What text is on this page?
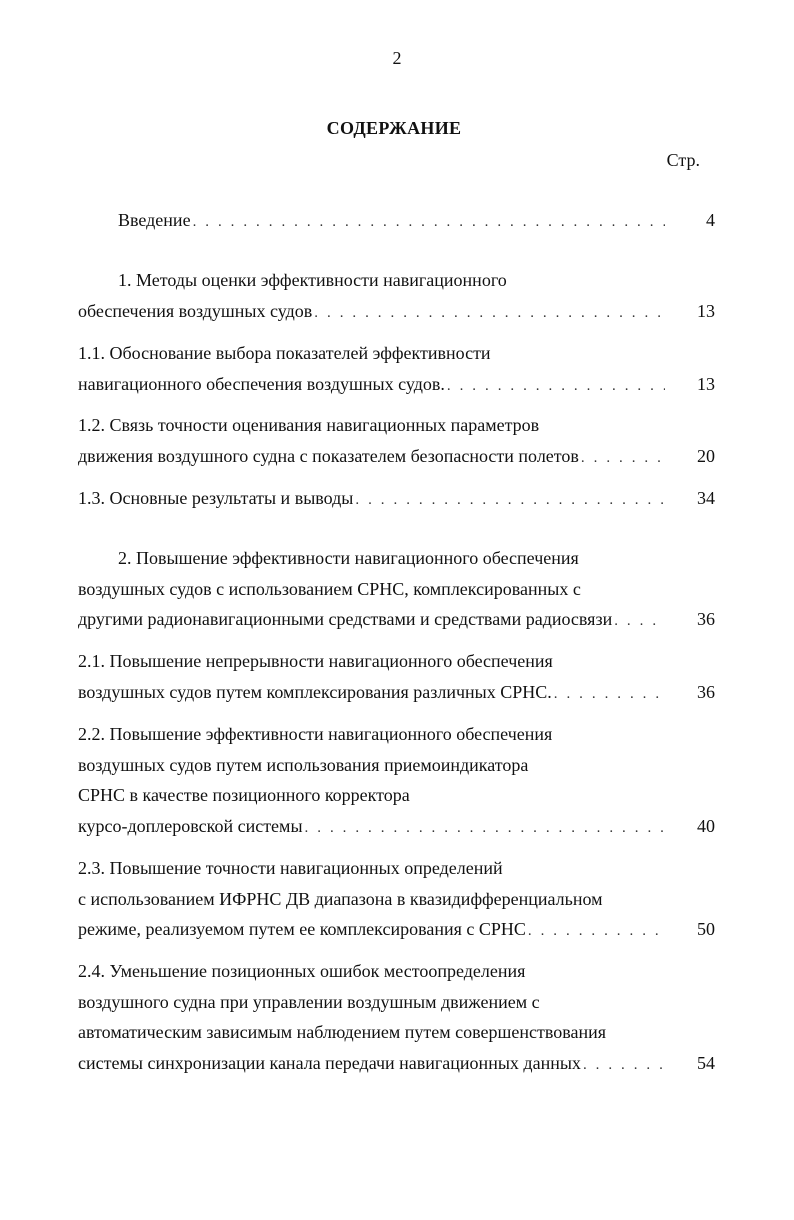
2
СОДЕРЖАНИЕ
Стр.
Введение . . .	4
1. Методы оценки эффективности навигационного
обеспечения воздушных судов . . .	13
1.1. Обоснование выбора показателей эффективности
навигационного обеспечения воздушных судов. . . .	13
1.2. Связь точности оценивания навигационных параметров
движения воздушного судна с показателем безопасности полетов . . .	20
1.3. Основные результаты и выводы . . .	34
2. Повышение эффективности навигационного обеспечения
воздушных судов с использованием СРНС, комплексированных с
другими радионавигационными средствами и средствами радиосвязи . . .	36
2.1. Повышение непрерывности навигационного обеспечения
воздушных судов путем комплексирования различных СРНС. . . .	36
2.2. Повышение эффективности навигационного обеспечения
воздушных судов путем использования приемоиндикатора
СРНС в качестве позиционного корректора
курсо-доплеровской системы . . .	40
2.3. Повышение точности навигационных определений
с использованием ИФРНС ДВ диапазона в квазидифференциальном
режиме, реализуемом путем ее комплексирования с СРНС . . .	50
2.4. Уменьшение позиционных ошибок местоопределения
воздушного судна при управлении воздушным движением с
автоматическим зависимым наблюдением путем совершенствования
системы синхронизации канала передачи навигационных данных . . .	54
